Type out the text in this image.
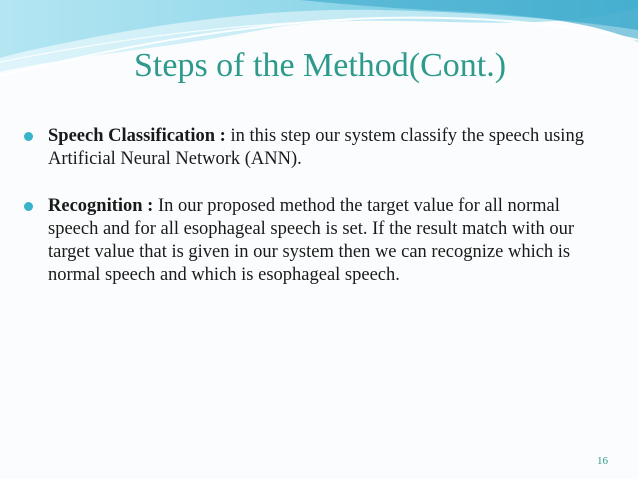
Steps of the Method(Cont.)
Speech Classification : in this step our system classify the speech using Artificial Neural Network (ANN).
Recognition : In our proposed method the target value for all normal speech and for all esophageal speech is set. If the result match with our target value that is given in our system then we can recognize which is normal speech and which is esophageal speech.
16
